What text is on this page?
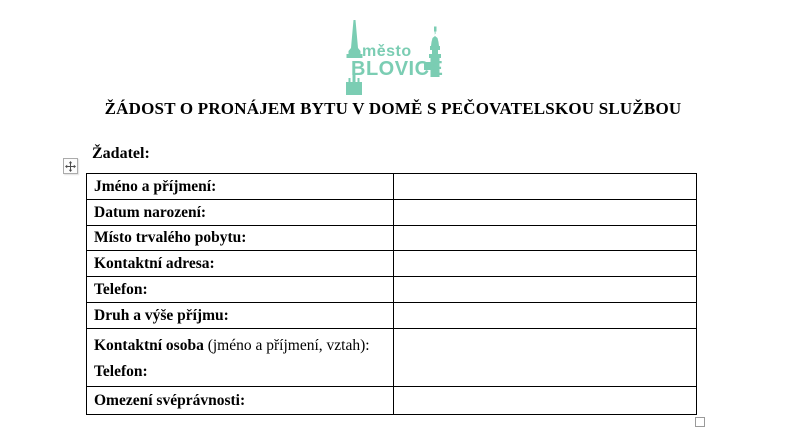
město
BLOVICE
ŽÁDOST O PRONÁJEM BYTU V DOMĚ S PEČOVATELSKOU SLUŽBOU
Žadatel:
Jméno a příjmení:	
Datum narození:	
Místo trvalého pobytu:	
Kontaktní adresa:	
Telefon:	
Druh a výše příjmu:	

Kontaktní osoba (jméno a příjmení, vztah):
Telefon:	

Omezení svéprávnosti:	
